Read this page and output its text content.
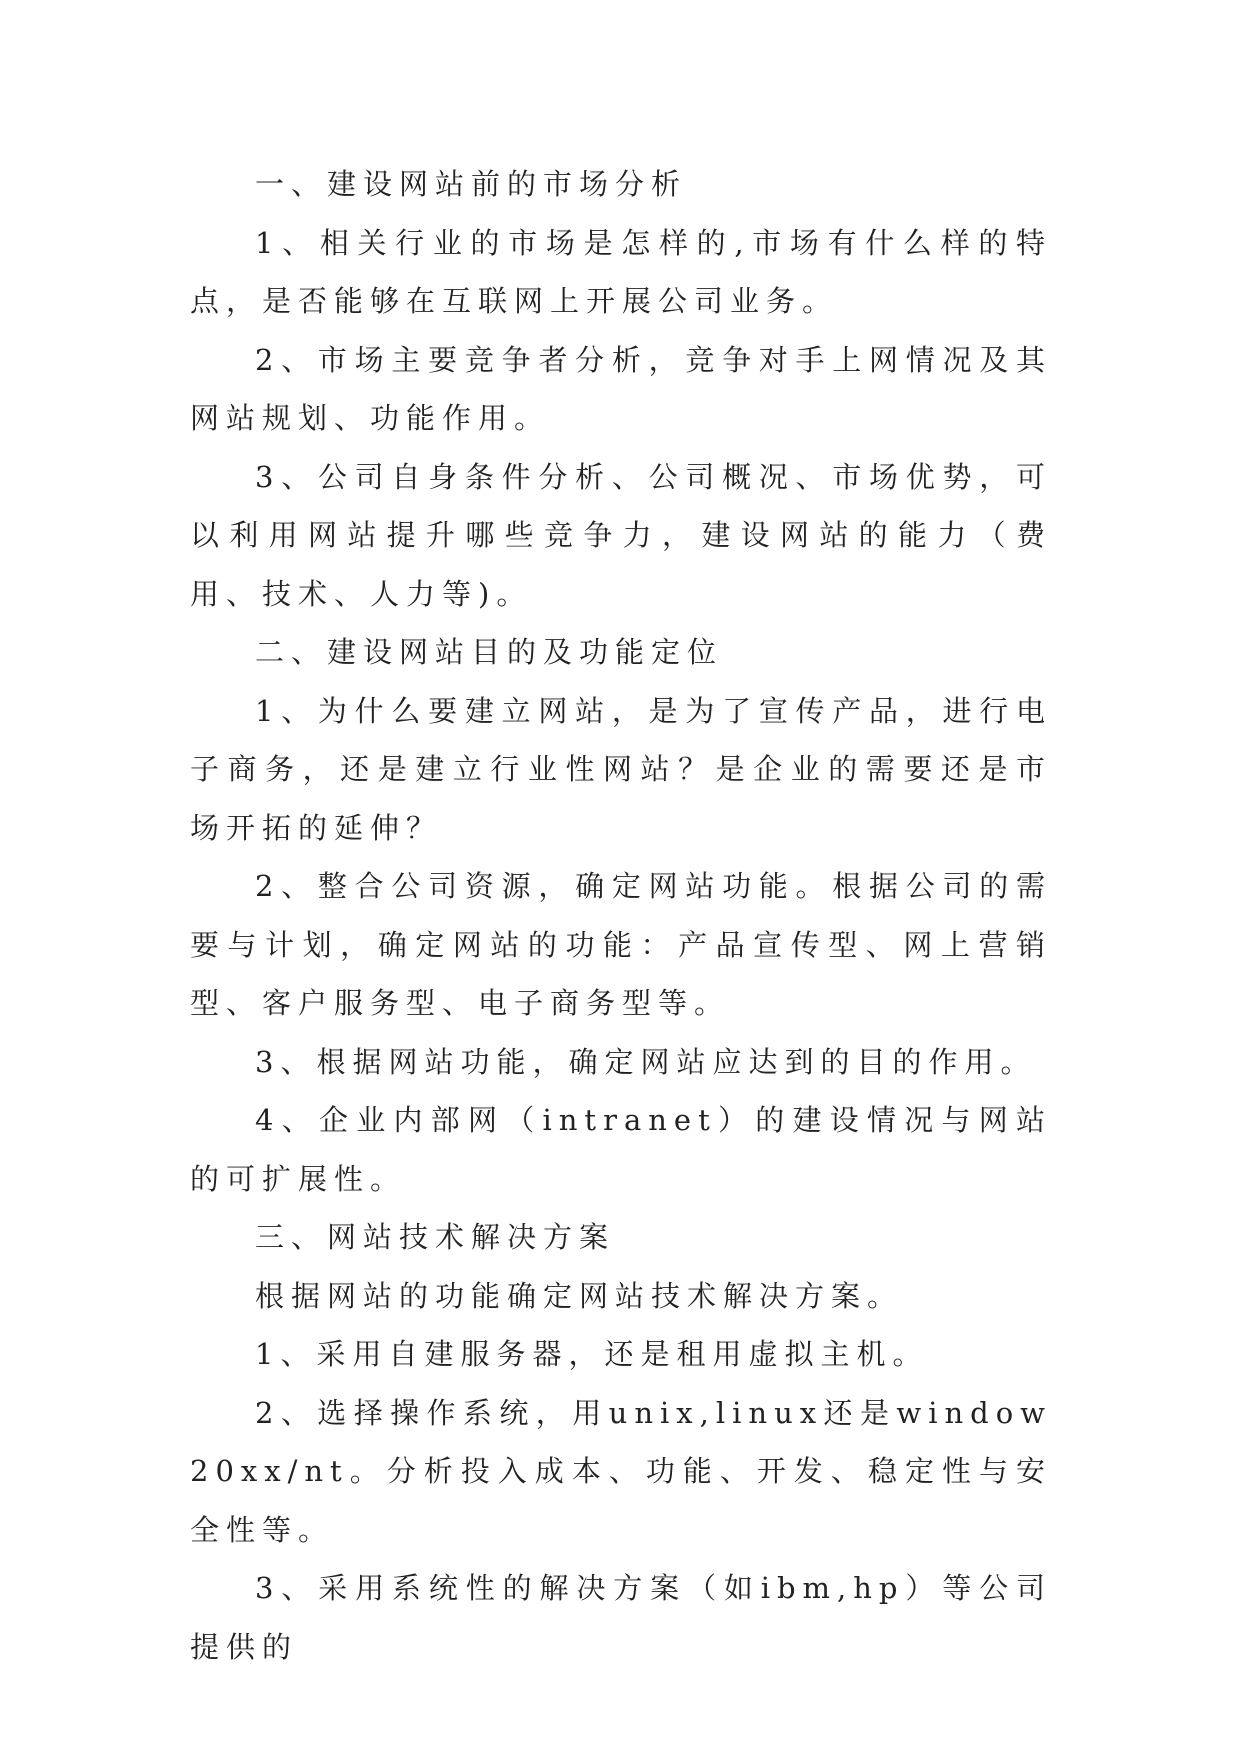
一、建设网站前的市场分析

1、相关行业的市场是怎样的,市场有什么样的特点，是否能够在互联网上开展公司业务。

2、市场主要竞争者分析，竞争对手上网情况及其网站规划、功能作用。

3、公司自身条件分析、公司概况、市场优势，可以利用网站提升哪些竞争力，建设网站的能力（费用、技术、人力等)。

二、建设网站目的及功能定位

1、为什么要建立网站，是为了宣传产品，进行电子商务，还是建立行业性网站？是企业的需要还是市场开拓的延伸？

2、整合公司资源，确定网站功能。根据公司的需要与计划，确定网站的功能：产品宣传型、网上营销型、客户服务型、电子商务型等。

3、根据网站功能，确定网站应达到的目的作用。

4、企业内部网（intranet）的建设情况与网站的可扩展性。

三、网站技术解决方案

根据网站的功能确定网站技术解决方案。

1、采用自建服务器，还是租用虚拟主机。

2、选择操作系统，用unix,linux还是window20xx/nt。分析投入成本、功能、开发、稳定性与安全性等。

3、采用系统性的解决方案（如ibm,hp）等公司提供的
